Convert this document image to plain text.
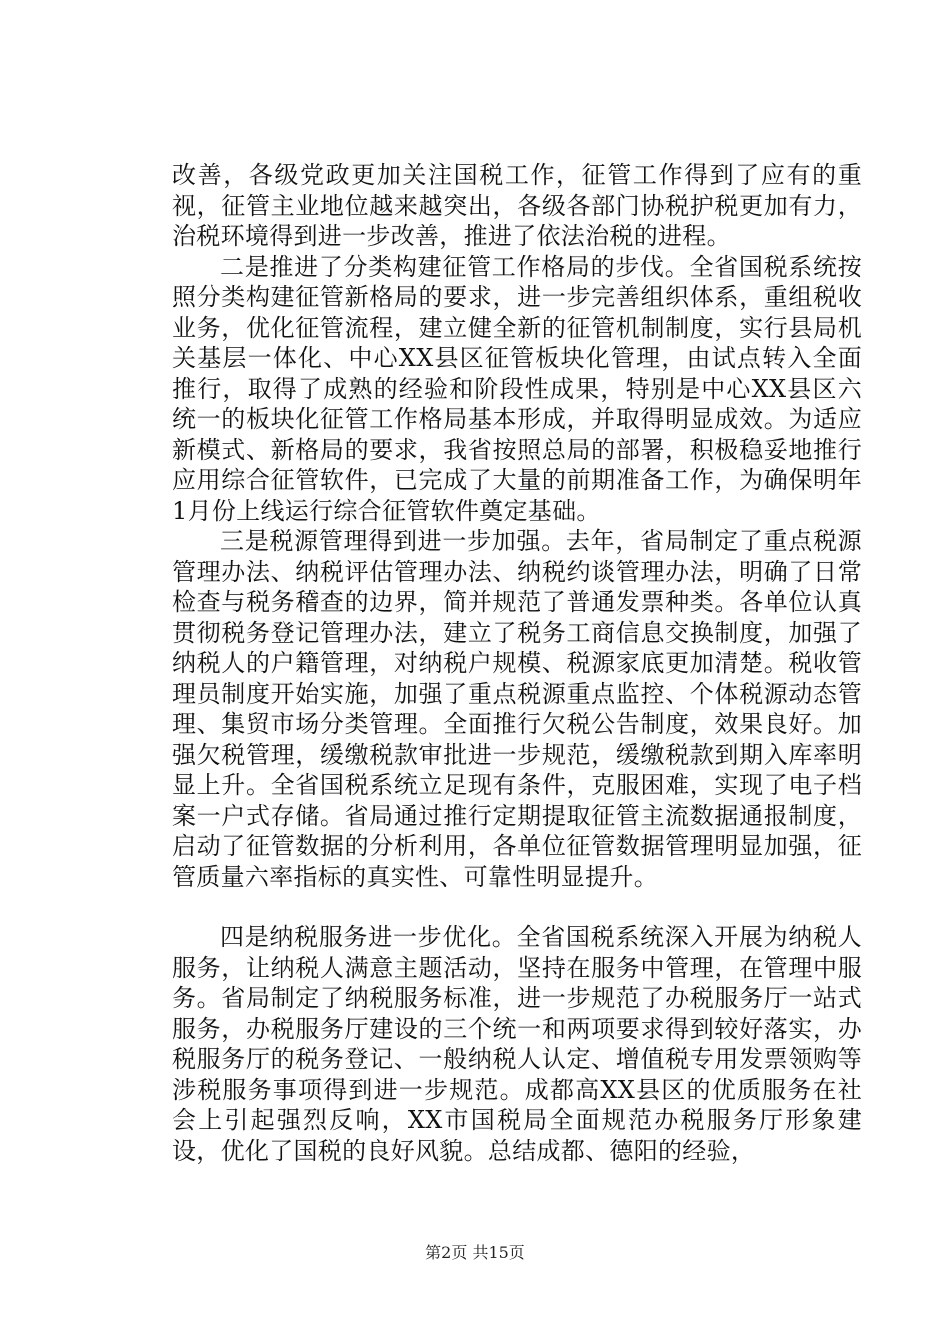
改善，各级党政更加关注国税工作，征管工作得到了应有的重视，征管主业地位越来越突出，各级各部门协税护税更加有力，治税环境得到进一步改善，推进了依法治税的进程。

二是推进了分类构建征管工作格局的步伐。全省国税系统按照分类构建征管新格局的要求，进一步完善组织体系，重组税收业务，优化征管流程，建立健全新的征管机制制度，实行县局机关基层一体化、中心XX县区征管板块化管理，由试点转入全面推行，取得了成熟的经验和阶段性成果，特别是中心XX县区六统一的板块化征管工作格局基本形成，并取得明显成效。为适应新模式、新格局的要求，我省按照总局的部署，积极稳妥地推行应用综合征管软件，已完成了大量的前期准备工作，为确保明年1月份上线运行综合征管软件奠定基础。

三是税源管理得到进一步加强。去年，省局制定了重点税源管理办法、纳税评估管理办法、纳税约谈管理办法，明确了日常检查与税务稽查的边界，简并规范了普通发票种类。各单位认真贯彻税务登记管理办法，建立了税务工商信息交换制度，加强了纳税人的户籍管理，对纳税户规模、税源家底更加清楚。税收管理员制度开始实施，加强了重点税源重点监控、个体税源动态管理、集贸市场分类管理。全面推行欠税公告制度，效果良好。加强欠税管理，缓缴税款审批进一步规范，缓缴税款到期入库率明显上升。全省国税系统立足现有条件，克服困难，实现了电子档案一户式存储。省局通过推行定期提取征管主流数据通报制度，启动了征管数据的分析利用，各单位征管数据管理明显加强，征管质量六率指标的真实性、可靠性明显提升。

四是纳税服务进一步优化。全省国税系统深入开展为纳税人服务，让纳税人满意主题活动，坚持在服务中管理，在管理中服务。省局制定了纳税服务标准，进一步规范了办税服务厅一站式服务，办税服务厅建设的三个统一和两项要求得到较好落实，办税服务厅的税务登记、一般纳税人认定、增值税专用发票领购等涉税服务事项得到进一步规范。成都高XX县区的优质服务在社会上引起强烈反响，XX市国税局全面规范办税服务厅形象建设，优化了国税的良好风貌。总结成都、德阳的经验，

第2页 共15页
